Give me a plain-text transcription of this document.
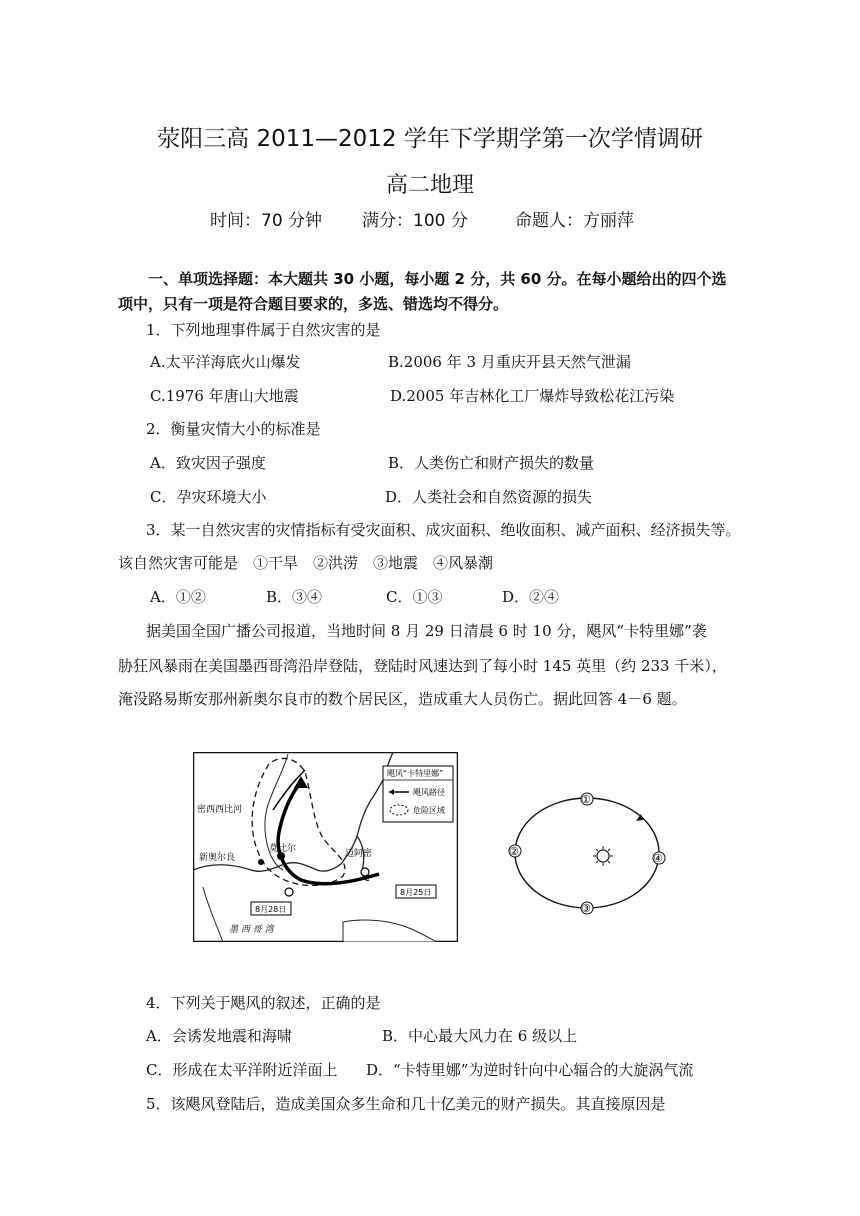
荥阳三高 2011—2012 学年下学期学第一次学情调研
高二地理
时间：70 分钟 满分：100 分	命题人：方丽萍
一、单项选择题：本大题共 30 小题，每小题 2 分，共 60 分。在每小题给出的四个选
项中，只有一项是符合题目要求的，多选、错选均不得分。
1．下列地理事件属于自然灾害的是
A.太平洋海底火山爆发	B.2006 年 3 月重庆开县天然气泄漏
C.1976 年唐山大地震	D.2005 年吉林化工厂爆炸导致松花江污染
2．衡量灾情大小的标准是
A．致灾因子强度	B．人类伤亡和财产损失的数量
C．孕灾环境大小	D．人类社会和自然资源的损失
3．某一自然灾害的灾情指标有受灾面积、成灾面积、绝收面积、减产面积、经济损失等。
该自然灾害可能是　①干旱　②洪涝　③地震　④风暴潮
A．①②	B．③④	C．①③	D．②④
据美国全国广播公司报道，当地时间 8 月 29 日清晨 6 时 10 分，飓风“卡特里娜”袭
胁狂风暴雨在美国墨西哥湾沿岸登陆，登陆时风速达到了每小时 145 英里（约 233 千米），
淹没路易斯安那州新奥尔良市的数个居民区，造成重大人员伤亡。据此回答 4－6 题。
密西西比河
莫比尔
新奥尔良	迈阿密
8月25日
8月28日
墨 西 哥 湾
飓风“卡特里娜”
飓风路径
危险区域
①
②
③
④
4．下列关于飓风的叙述，正确的是
A．会诱发地震和海啸	B．中心最大风力在 6 级以上
C．形成在太平洋附近洋面上 D．“卡特里娜”为逆时针向中心辐合的大旋涡气流
5．该飓风登陆后，造成美国众多生命和几十亿美元的财产损失。其直接原因是
